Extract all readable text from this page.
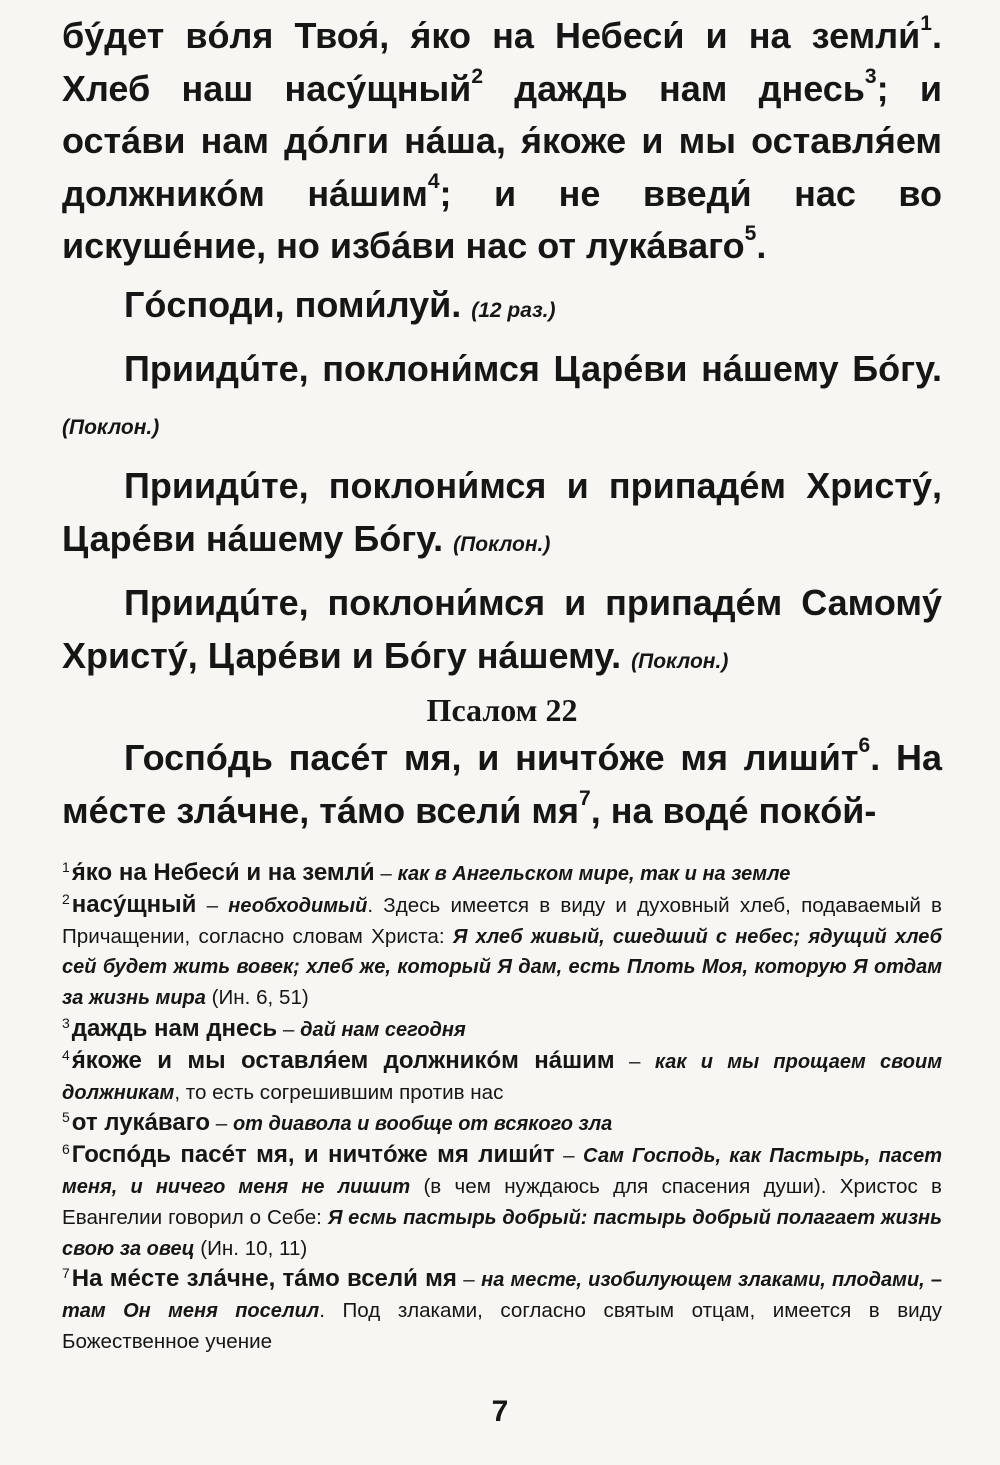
бýдет вóля Твоя́, я́ко на Небеси́ и на земли́$^1$. Хлеб наш насýщный$^2$ даждь нам днесь$^3$; и остáви нам дóлги нáша, я́коже и мы оставля́ем должникóм нáшим$^4$; и не введи́ нас во искушéние, но избáви нас от лукáваго$^5$.

Гóсподи, поми́луй. (12 раз.)

Приидúте, поклони́мся Царéви нáшему Бóгу. (Поклон.)

Приидúте, поклони́мся и припадéм Христý, Царéви нáшему Бóгу. (Поклон.)

Приидúте, поклони́мся и припадéм Самомý Христý, Царéви и Бóгу нáшему. (Поклон.)

Псалом 22

Госпóдь пасéт мя, и ничтóже мя лиши́т$^6$. На мéсте злáчне, тáмо всели́ мя$^7$, на водé покóй-

$^1$я́ко на Небеси́ и на земли́ – как в Ангельском мире, так и на земле

$^2$насýщный – необходимый. Здесь имеется в виду и духовный хлеб, подаваемый в Причащении, согласно словам Христа: Я хлеб живый, сшедший с небес; ядущий хлеб сей будет жить вовек; хлеб же, который Я дам, есть Плоть Моя, которую Я отдам за жизнь мира (Ин. 6, 51)

$^3$даждь нам днесь – дай нам сегодня

$^4$я́коже и мы оставля́ем должникóм нáшим – как и мы прощаем своим должникам, то есть согрешившим против нас

$^5$от лукáваго – от диавола и вообще от всякого зла

$^6$Госпóдь пасéт мя, и ничтóже мя лиши́т – Сам Господь, как Пастырь, пасет меня, и ничего меня не лишит (в чем нуждаюсь для спасения души). Христос в Евангелии говорил о Себе: Я есмь пастырь добрый: пастырь добрый полагает жизнь свою за овец (Ин. 10, 11)

$^7$На мéсте злáчне, тáмо всели́ мя – на месте, изобилующем злаками, плодами, – там Он меня поселил. Под злаками, согласно святым отцам, имеется в виду Божественное учение

7
